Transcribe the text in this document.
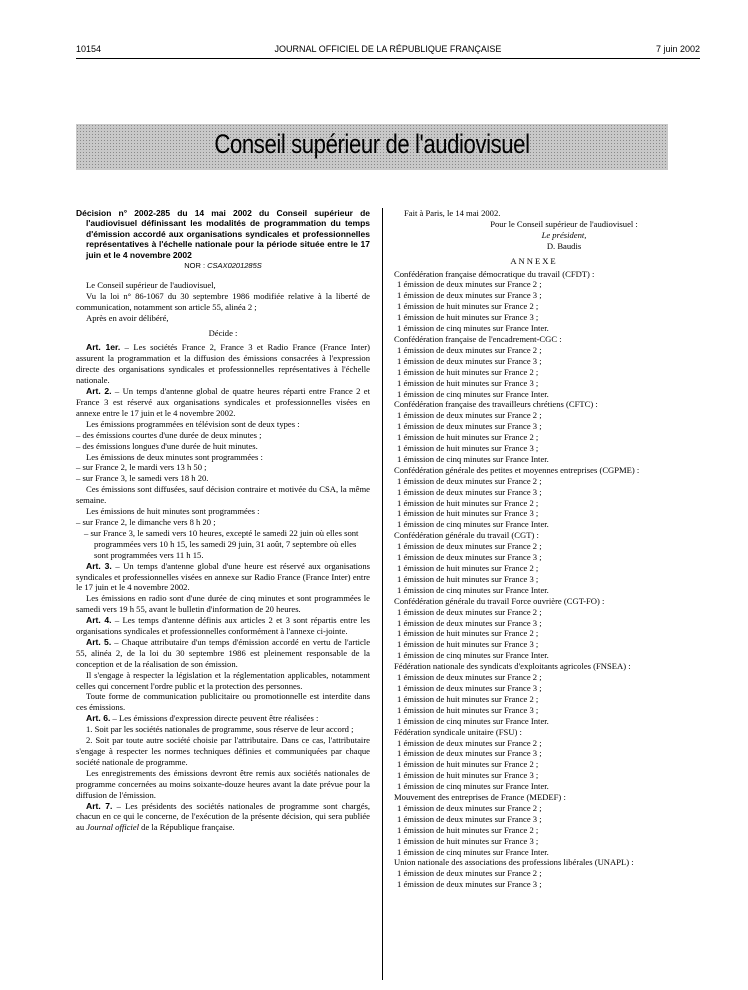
10154	JOURNAL OFFICIEL DE LA RÉPUBLIQUE FRANÇAISE	7 juin 2002
Conseil supérieur de l'audiovisuel

Décision n° 2002-285 du 14 mai 2002 du Conseil supérieur de l'audiovisuel définissant les modalités de programmation du temps d'émission accordé aux organisations syndicales et professionnelles représentatives à l'échelle nationale pour la période située entre le 17 juin et le 4 novembre 2002

NOR : CSAX0201285S

Le Conseil supérieur de l'audiovisuel,

Vu la loi n° 86-1067 du 30 septembre 1986 modifiée relative à la liberté de communication, notamment son article 55, alinéa 2 ;

Après en avoir délibéré,

Décide :

Art. 1er. – Les sociétés France 2, France 3 et Radio France (France Inter) assurent la programmation et la diffusion des émissions consacrées à l'expression directe des organisations syndicales et professionnelles représentatives à l'échelle nationale.

Art. 2. – Un temps d'antenne global de quatre heures réparti entre France 2 et France 3 est réservé aux organisations syndicales et professionnelles visées en annexe entre le 17 juin et le 4 novembre 2002.

Les émissions programmées en télévision sont de deux types :

– des émissions courtes d'une durée de deux minutes ;

– des émissions longues d'une durée de huit minutes.

Les émissions de deux minutes sont programmées :

– sur France 2, le mardi vers 13 h 50 ;

– sur France 3, le samedi vers 18 h 20.

Ces émissions sont diffusées, sauf décision contraire et motivée du CSA, la même semaine.

Les émissions de huit minutes sont programmées :

– sur France 2, le dimanche vers 8 h 20 ;

– sur France 3, le samedi vers 10 heures, excepté le samedi 22 juin où elles sont programmées vers 10 h 15, les samedi 29 juin, 31 août, 7 septembre où elles sont programmées vers 11 h 15.

Art. 3. – Un temps d'antenne global d'une heure est réservé aux organisations syndicales et professionnelles visées en annexe sur Radio France (France Inter) entre le 17 juin et le 4 novembre 2002.

Les émissions en radio sont d'une durée de cinq minutes et sont programmées le samedi vers 19 h 55, avant le bulletin d'information de 20 heures.

Art. 4. – Les temps d'antenne définis aux articles 2 et 3 sont répartis entre les organisations syndicales et professionnelles conformément à l'annexe ci-jointe.

Art. 5. – Chaque attributaire d'un temps d'émission accordé en vertu de l'article 55, alinéa 2, de la loi du 30 septembre 1986 est pleinement responsable de la conception et de la réalisation de son émission.

Il s'engage à respecter la législation et la réglementation applicables, notamment celles qui concernent l'ordre public et la protection des personnes.

Toute forme de communication publicitaire ou promotionnelle est interdite dans ces émissions.

Art. 6. – Les émissions d'expression directe peuvent être réalisées :

1. Soit par les sociétés nationales de programme, sous réserve de leur accord ;

2. Soit par toute autre société choisie par l'attributaire. Dans ce cas, l'attributaire s'engage à respecter les normes techniques définies et communiquées par chaque société nationale de programme.

Les enregistrements des émissions devront être remis aux sociétés nationales de programme concernées au moins soixante-douze heures avant la date prévue pour la diffusion de l'émission.

Art. 7. – Les présidents des sociétés nationales de programme sont chargés, chacun en ce qui le concerne, de l'exécution de la présente décision, qui sera publiée au Journal officiel de la République française.

Fait à Paris, le 14 mai 2002.

Pour le Conseil supérieur de l'audiovisuel :

Le président,

D. Baudis

ANNEXE

Confédération française démocratique du travail (CFDT) :

1 émission de deux minutes sur France 2 ;

1 émission de deux minutes sur France 3 ;

1 émission de huit minutes sur France 2 ;

1 émission de huit minutes sur France 3 ;

1 émission de cinq minutes sur France Inter.

Confédération française de l'encadrement-CGC :

1 émission de deux minutes sur France 2 ;

1 émission de deux minutes sur France 3 ;

1 émission de huit minutes sur France 2 ;

1 émission de huit minutes sur France 3 ;

1 émission de cinq minutes sur France Inter.

Confédération française des travailleurs chrétiens (CFTC) :

1 émission de deux minutes sur France 2 ;

1 émission de deux minutes sur France 3 ;

1 émission de huit minutes sur France 2 ;

1 émission de huit minutes sur France 3 ;

1 émission de cinq minutes sur France Inter.

Confédération générale des petites et moyennes entreprises (CGPME) :

1 émission de deux minutes sur France 2 ;

1 émission de deux minutes sur France 3 ;

1 émission de huit minutes sur France 2 ;

1 émission de huit minutes sur France 3 ;

1 émission de cinq minutes sur France Inter.

Confédération générale du travail (CGT) :

1 émission de deux minutes sur France 2 ;

1 émission de deux minutes sur France 3 ;

1 émission de huit minutes sur France 2 ;

1 émission de huit minutes sur France 3 ;

1 émission de cinq minutes sur France Inter.

Confédération générale du travail Force ouvrière (CGT-FO) :

1 émission de deux minutes sur France 2 ;

1 émission de deux minutes sur France 3 ;

1 émission de huit minutes sur France 2 ;

1 émission de huit minutes sur France 3 ;

1 émission de cinq minutes sur France Inter.

Fédération nationale des syndicats d'exploitants agricoles (FNSEA) :

1 émission de deux minutes sur France 2 ;

1 émission de deux minutes sur France 3 ;

1 émission de huit minutes sur France 2 ;

1 émission de huit minutes sur France 3 ;

1 émission de cinq minutes sur France Inter.

Fédération syndicale unitaire (FSU) :

1 émission de deux minutes sur France 2 ;

1 émission de deux minutes sur France 3 ;

1 émission de huit minutes sur France 2 ;

1 émission de huit minutes sur France 3 ;

1 émission de cinq minutes sur France Inter.

Mouvement des entreprises de France (MEDEF) :

1 émission de deux minutes sur France 2 ;

1 émission de deux minutes sur France 3 ;

1 émission de huit minutes sur France 2 ;

1 émission de huit minutes sur France 3 ;

1 émission de cinq minutes sur France Inter.

Union nationale des associations des professions libérales (UNAPL) :

1 émission de deux minutes sur France 2 ;

1 émission de deux minutes sur France 3 ;
